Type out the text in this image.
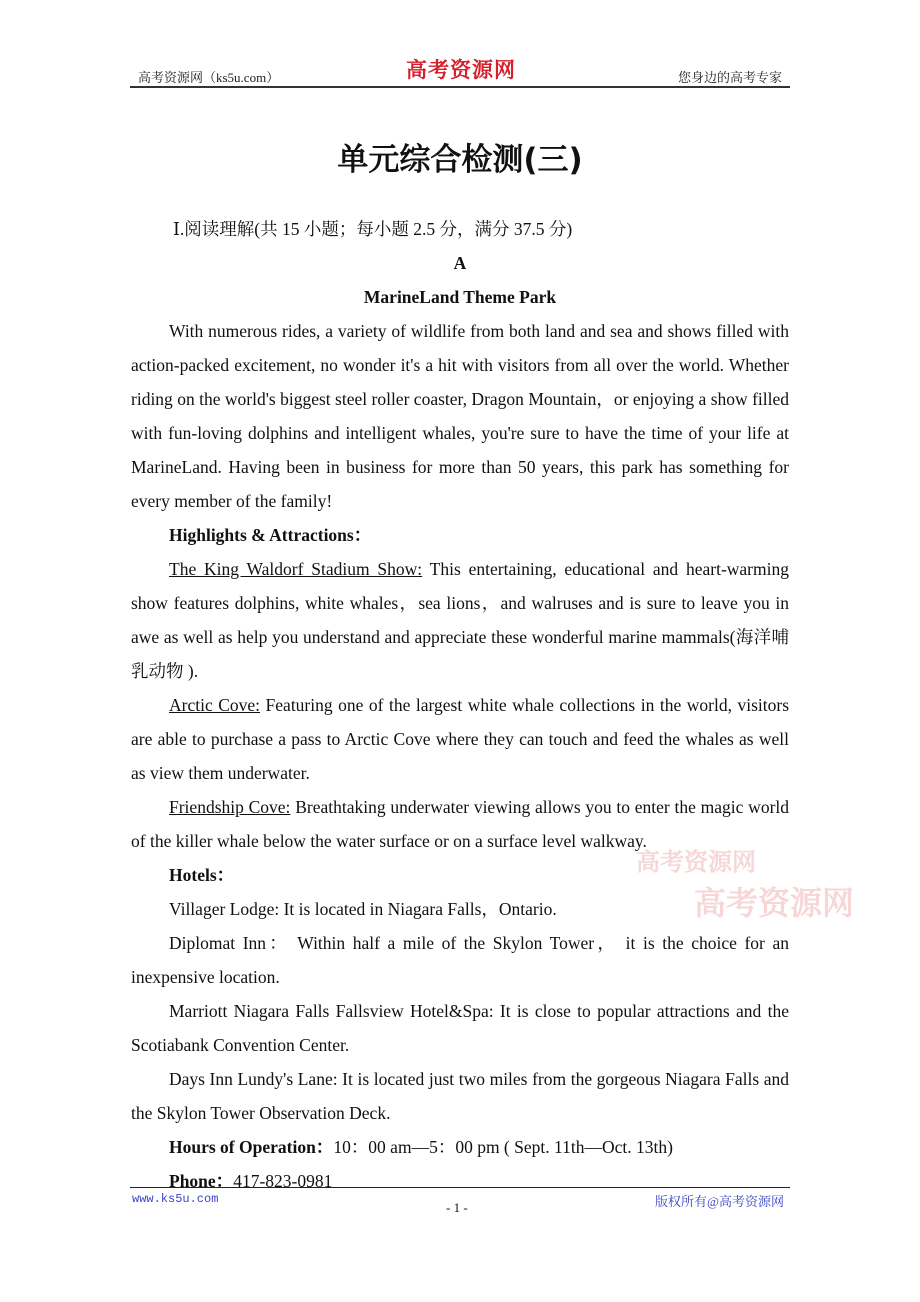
高考资源网（ks5u.com）	高考资源网	您身边的高考专家
单元综合检测(三)

Ⅰ.阅读理解(共 15 小题；每小题 2.5 分，满分 37.5 分)

A

MarineLand Theme Park

With numerous rides, a variety of wildlife from both land and sea and shows filled with action‐packed excitement, no wonder it's a hit with visitors from all over the world. Whether riding on the world's biggest steel roller coaster, Dragon Mountain，or enjoying a show filled with fun‐loving dolphins and intelligent whales, you're sure to have the time of your life at MarineLand. Having been in business for more than 50 years, this park has something for every member of the family!

Highlights & Attractions：

The King Waldorf Stadium Show: This entertaining, educational and heart‐warming show features dolphins, white whales，sea lions，and walruses and is sure to leave you in awe as well as help you understand and appreciate these wonderful marine mammals(海洋哺乳动物 ).

Arctic Cove: Featuring one of the largest white whale collections in the world, visitors are able to purchase a pass to Arctic Cove where they can touch and feed the whales as well as view them underwater.

Friendship Cove: Breathtaking underwater viewing allows you to enter the magic world of the killer whale below the water surface or on a surface level walkway.

Hotels：

Villager Lodge: It is located in Niagara Falls，Ontario.

Diplomat Inn： Within half a mile of the Skylon Tower， it is the choice for an inexpensive location.

Marriott Niagara Falls Fallsview Hotel&Spa: It is close to popular attractions and the Scotiabank Convention Center.

Days Inn Lundy's Lane: It is located just two miles from the gorgeous Niagara Falls and the Skylon Tower Observation Deck.

Hours of Operation：10：00 am—5：00 pm ( Sept. 11th—Oct. 13th)

Phone：417-823-0981

高考资源网
高考资源网
www.ks5u.com
- 1 -	版权所有@高考资源网
